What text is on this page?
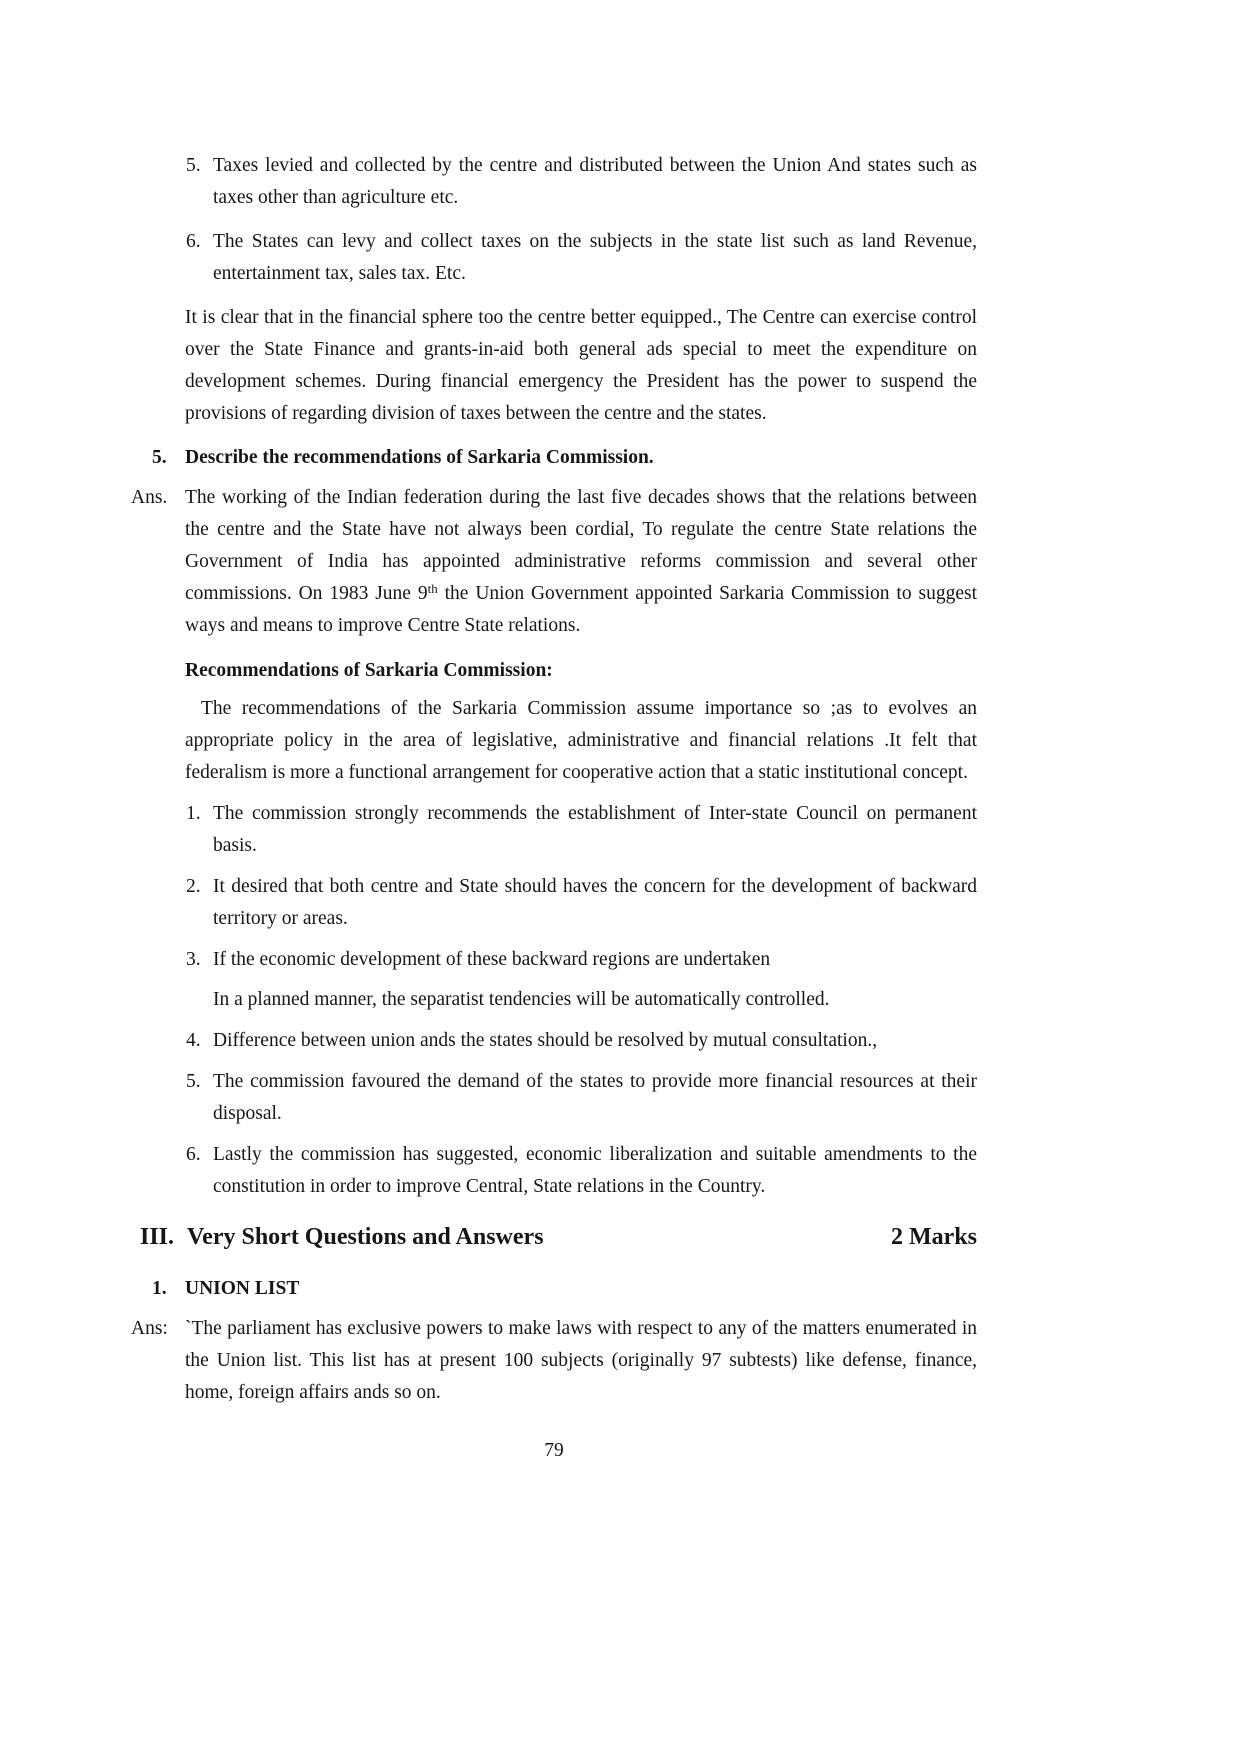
5. Taxes levied and collected by the centre and distributed between the Union And states such as taxes other than agriculture etc.
6. The States can levy and collect taxes on the subjects in the state list such as land Revenue, entertainment tax, sales tax. Etc.
It is clear that in the financial sphere too the centre better equipped., The Centre can exercise control over the State Finance and grants-in-aid both general ads special to meet the expenditure on development schemes. During financial emergency the President has the power to suspend the provisions of regarding division of taxes between the centre and the states.
5. Describe the recommendations of Sarkaria Commission.
Ans. The working of the Indian federation during the last five decades shows that the relations between the centre and the State have not always been cordial, To regulate the centre State relations the Government of India has appointed administrative reforms commission and several other commissions. On 1983 June 9th the Union Government appointed Sarkaria Commission to suggest ways and means to improve Centre State relations.
Recommendations of Sarkaria Commission:
The recommendations of the Sarkaria Commission assume importance so ;as to evolves an appropriate policy in the area of legislative, administrative and financial relations .It felt that federalism is more a functional arrangement for cooperative action that a static institutional concept.
1. The commission strongly recommends the establishment of Inter-state Council on permanent basis.
2. It desired that both centre and State should haves the concern for the development of backward territory or areas.
3. If the economic development of these backward regions are undertaken
In a planned manner, the separatist tendencies will be automatically controlled.
4. Difference between union ands the states should be resolved by mutual consultation.,
5. The commission favoured the demand of the states to provide more financial resources at their disposal.
6. Lastly the commission has suggested, economic liberalization and suitable amendments to the constitution in order to improve Central, State relations in the Country.
III. Very Short Questions and Answers	2 Marks
1. UNION LIST
Ans: `The parliament has exclusive powers to make laws with respect to any of the matters enumerated in the Union list. This list has at present 100 subjects (originally 97 subtests) like defense, finance, home, foreign affairs ands so on.
79
